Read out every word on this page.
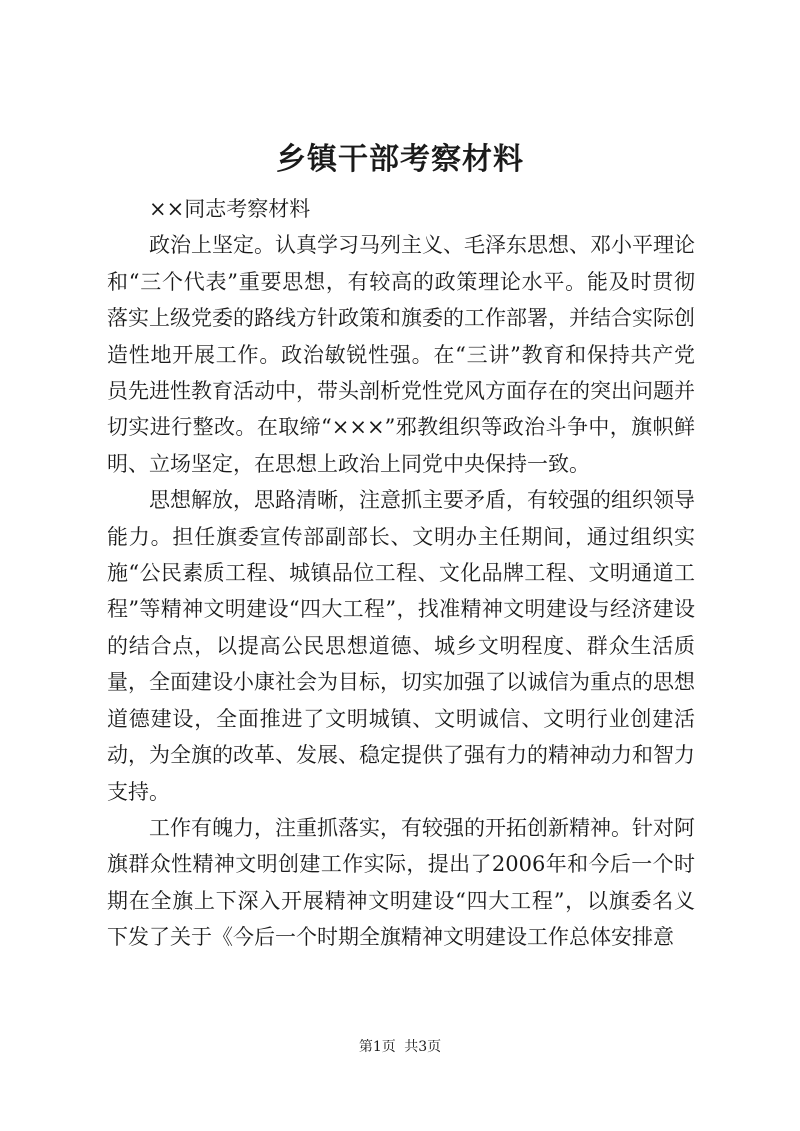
乡镇干部考察材料

××同志考察材料

政治上坚定。认真学习马列主义、毛泽东思想、邓小平理论和“三个代表”重要思想，有较高的政策理论水平。能及时贯彻落实上级党委的路线方针政策和旗委的工作部署，并结合实际创造性地开展工作。政治敏锐性强。在“三讲”教育和保持共产党员先进性教育活动中，带头剖析党性党风方面存在的突出问题并切实进行整改。在取缔“×××”邪教组织等政治斗争中，旗帜鲜明、立场坚定，在思想上政治上同党中央保持一致。

思想解放，思路清晰，注意抓主要矛盾，有较强的组织领导能力。担任旗委宣传部副部长、文明办主任期间，通过组织实施“公民素质工程、城镇品位工程、文化品牌工程、文明通道工程”等精神文明建设“四大工程”，找准精神文明建设与经济建设的结合点，以提高公民思想道德、城乡文明程度、群众生活质量，全面建设小康社会为目标，切实加强了以诚信为重点的思想道德建设，全面推进了文明城镇、文明诚信、文明行业创建活动，为全旗的改革、发展、稳定提供了强有力的精神动力和智力支持。

工作有魄力，注重抓落实，有较强的开拓创新精神。针对阿旗群众性精神文明创建工作实际，提出了2006年和今后一个时期在全旗上下深入开展精神文明建设“四大工程”，以旗委名义下发了关于《今后一个时期全旗精神文明建设工作总体安排意

第1页 共3页
